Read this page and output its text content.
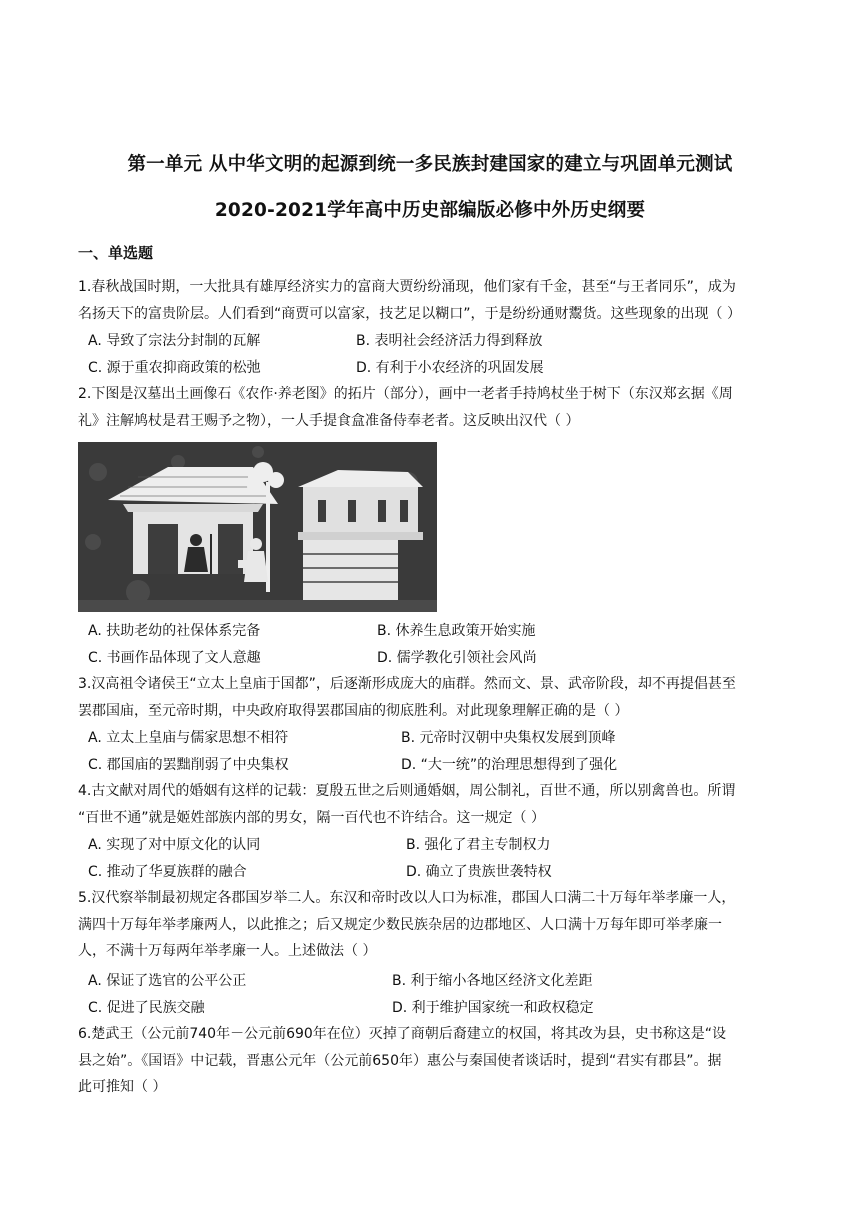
第一单元 从中华文明的起源到统一多民族封建国家的建立与巩固单元测试
2020-2021学年高中历史部编版必修中外历史纲要
一、单选题
1.春秋战国时期，一大批具有雄厚经济实力的富商大贾纷纷涌现，他们家有千金，甚至“与王者同乐”，成为
名扬天下的富贵阶层。人们看到“商贾可以富家，技艺足以糊口”，于是纷纷通财鬻货。这些现象的出现（ ）
A. 导致了宗法分封制的瓦解	B. 表明社会经济活力得到释放
C. 源于重农抑商政策的松弛	D. 有利于小农经济的巩固发展
2.下图是汉墓出土画像石《农作·养老图》的拓片（部分），画中一老者手持鸠杖坐于树下（东汉郑玄据《周
礼》注解鸠杖是君王赐予之物），一人手提食盒准备侍奉老者。这反映出汉代（ ）
A. 扶助老幼的社保体系完备	B. 休养生息政策开始实施
C. 书画作品体现了文人意趣	D. 儒学教化引领社会风尚
3.汉高祖令诸侯王“立太上皇庙于国都”，后逐渐形成庞大的庙群。然而文、景、武帝阶段，却不再提倡甚至
罢郡国庙，至元帝时期，中央政府取得罢郡国庙的彻底胜利。对此现象理解正确的是（ ）
A. 立太上皇庙与儒家思想不相符	B. 元帝时汉朝中央集权发展到顶峰
C. 郡国庙的罢黜削弱了中央集权	D. “大一统”的治理思想得到了强化
4.古文献对周代的婚姻有这样的记载：夏殷五世之后则通婚姻，周公制礼，百世不通，所以别禽兽也。所谓
“百世不通”就是姬姓部族内部的男女，隔一百代也不许结合。这一规定（ ）
A. 实现了对中原文化的认同	B. 强化了君主专制权力
C. 推动了华夏族群的融合	D. 确立了贵族世袭特权
5.汉代察举制最初规定各郡国岁举二人。东汉和帝时改以人口为标准，郡国人口满二十万每年举孝廉一人，
满四十万每年举孝廉两人，以此推之；后又规定少数民族杂居的边郡地区、人口满十万每年即可举孝廉一
人，不满十万每两年举孝廉一人。上述做法（ ）
A. 保证了选官的公平公正	B. 利于缩小各地区经济文化差距
C. 促进了民族交融	D. 利于维护国家统一和政权稳定
6.楚武王（公元前740年－公元前690年在位）灭掉了商朝后裔建立的权国，将其改为县，史书称这是“设
县之始”。《国语》中记载，晋惠公元年（公元前650年）惠公与秦国使者谈话时，提到“君实有郡县”。据
此可推知（ ）
